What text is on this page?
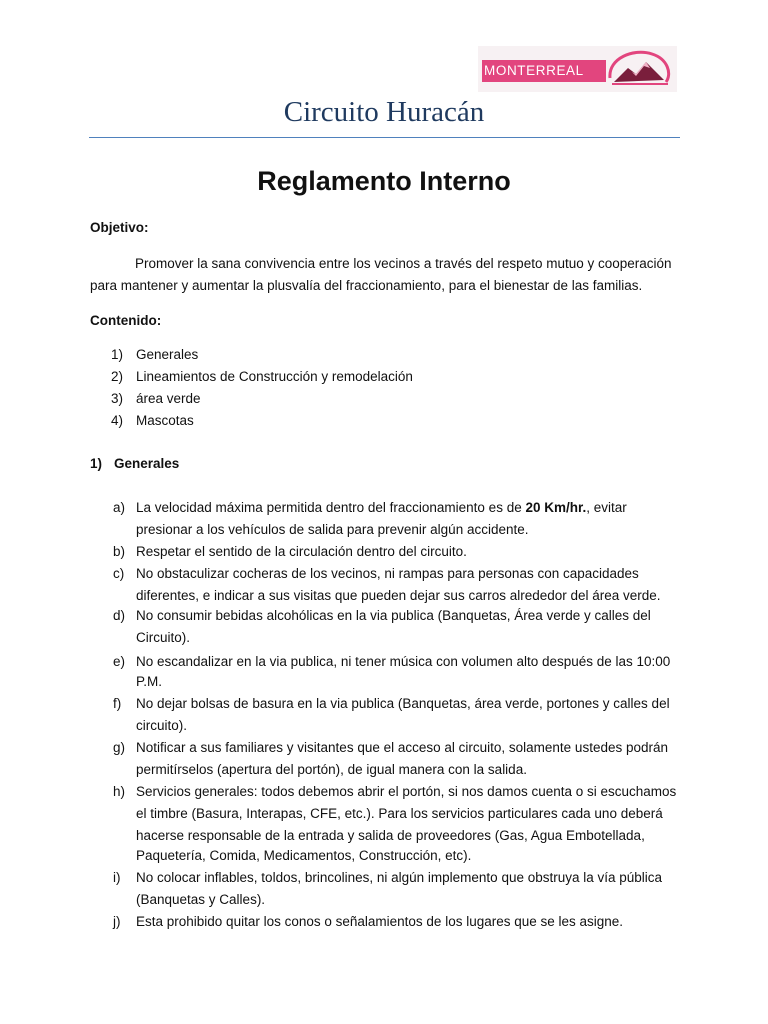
MONTERREAL
Circuito Huracán
Reglamento Interno
Objetivo:
Promover la sana convivencia entre los vecinos a través del respeto mutuo y cooperación
para mantener y aumentar la plusvalía del fraccionamiento, para el bienestar de las familias.
Contenido:
1) Generales
2) Lineamientos de Construcción y remodelación
3) área verde
4) Mascotas
1) Generales
a) La velocidad máxima permitida dentro del fraccionamiento es de 20 Km/hr., evitar
presionar a los vehículos de salida para prevenir algún accidente.
b) Respetar el sentido de la circulación dentro del circuito.
c) No obstaculizar cocheras de los vecinos, ni rampas para personas con capacidades
diferentes, e indicar a sus visitas que pueden dejar sus carros alrededor del área verde.
d) No consumir bebidas alcohólicas en la via publica (Banquetas, Área verde y calles del
Circuito).
e) No escandalizar en la via publica, ni tener música con volumen alto después de las 10:00
P.M.
f) No dejar bolsas de basura en la via publica (Banquetas, área verde, portones y calles del
circuito).
g) Notificar a sus familiares y visitantes que el acceso al circuito, solamente ustedes podrán
permitírselos (apertura del portón), de igual manera con la salida.
h) Servicios generales: todos debemos abrir el portón, si nos damos cuenta o si escuchamos
el timbre (Basura, Interapas, CFE, etc.). Para los servicios particulares cada uno deberá
hacerse responsable de la entrada y salida de proveedores (Gas, Agua Embotellada,
Paquetería, Comida, Medicamentos, Construcción, etc).
i) No colocar inflables, toldos, brincolines, ni algún implemento que obstruya la vía pública
(Banquetas y Calles).
j) Esta prohibido quitar los conos o señalamientos de los lugares que se les asigne.
